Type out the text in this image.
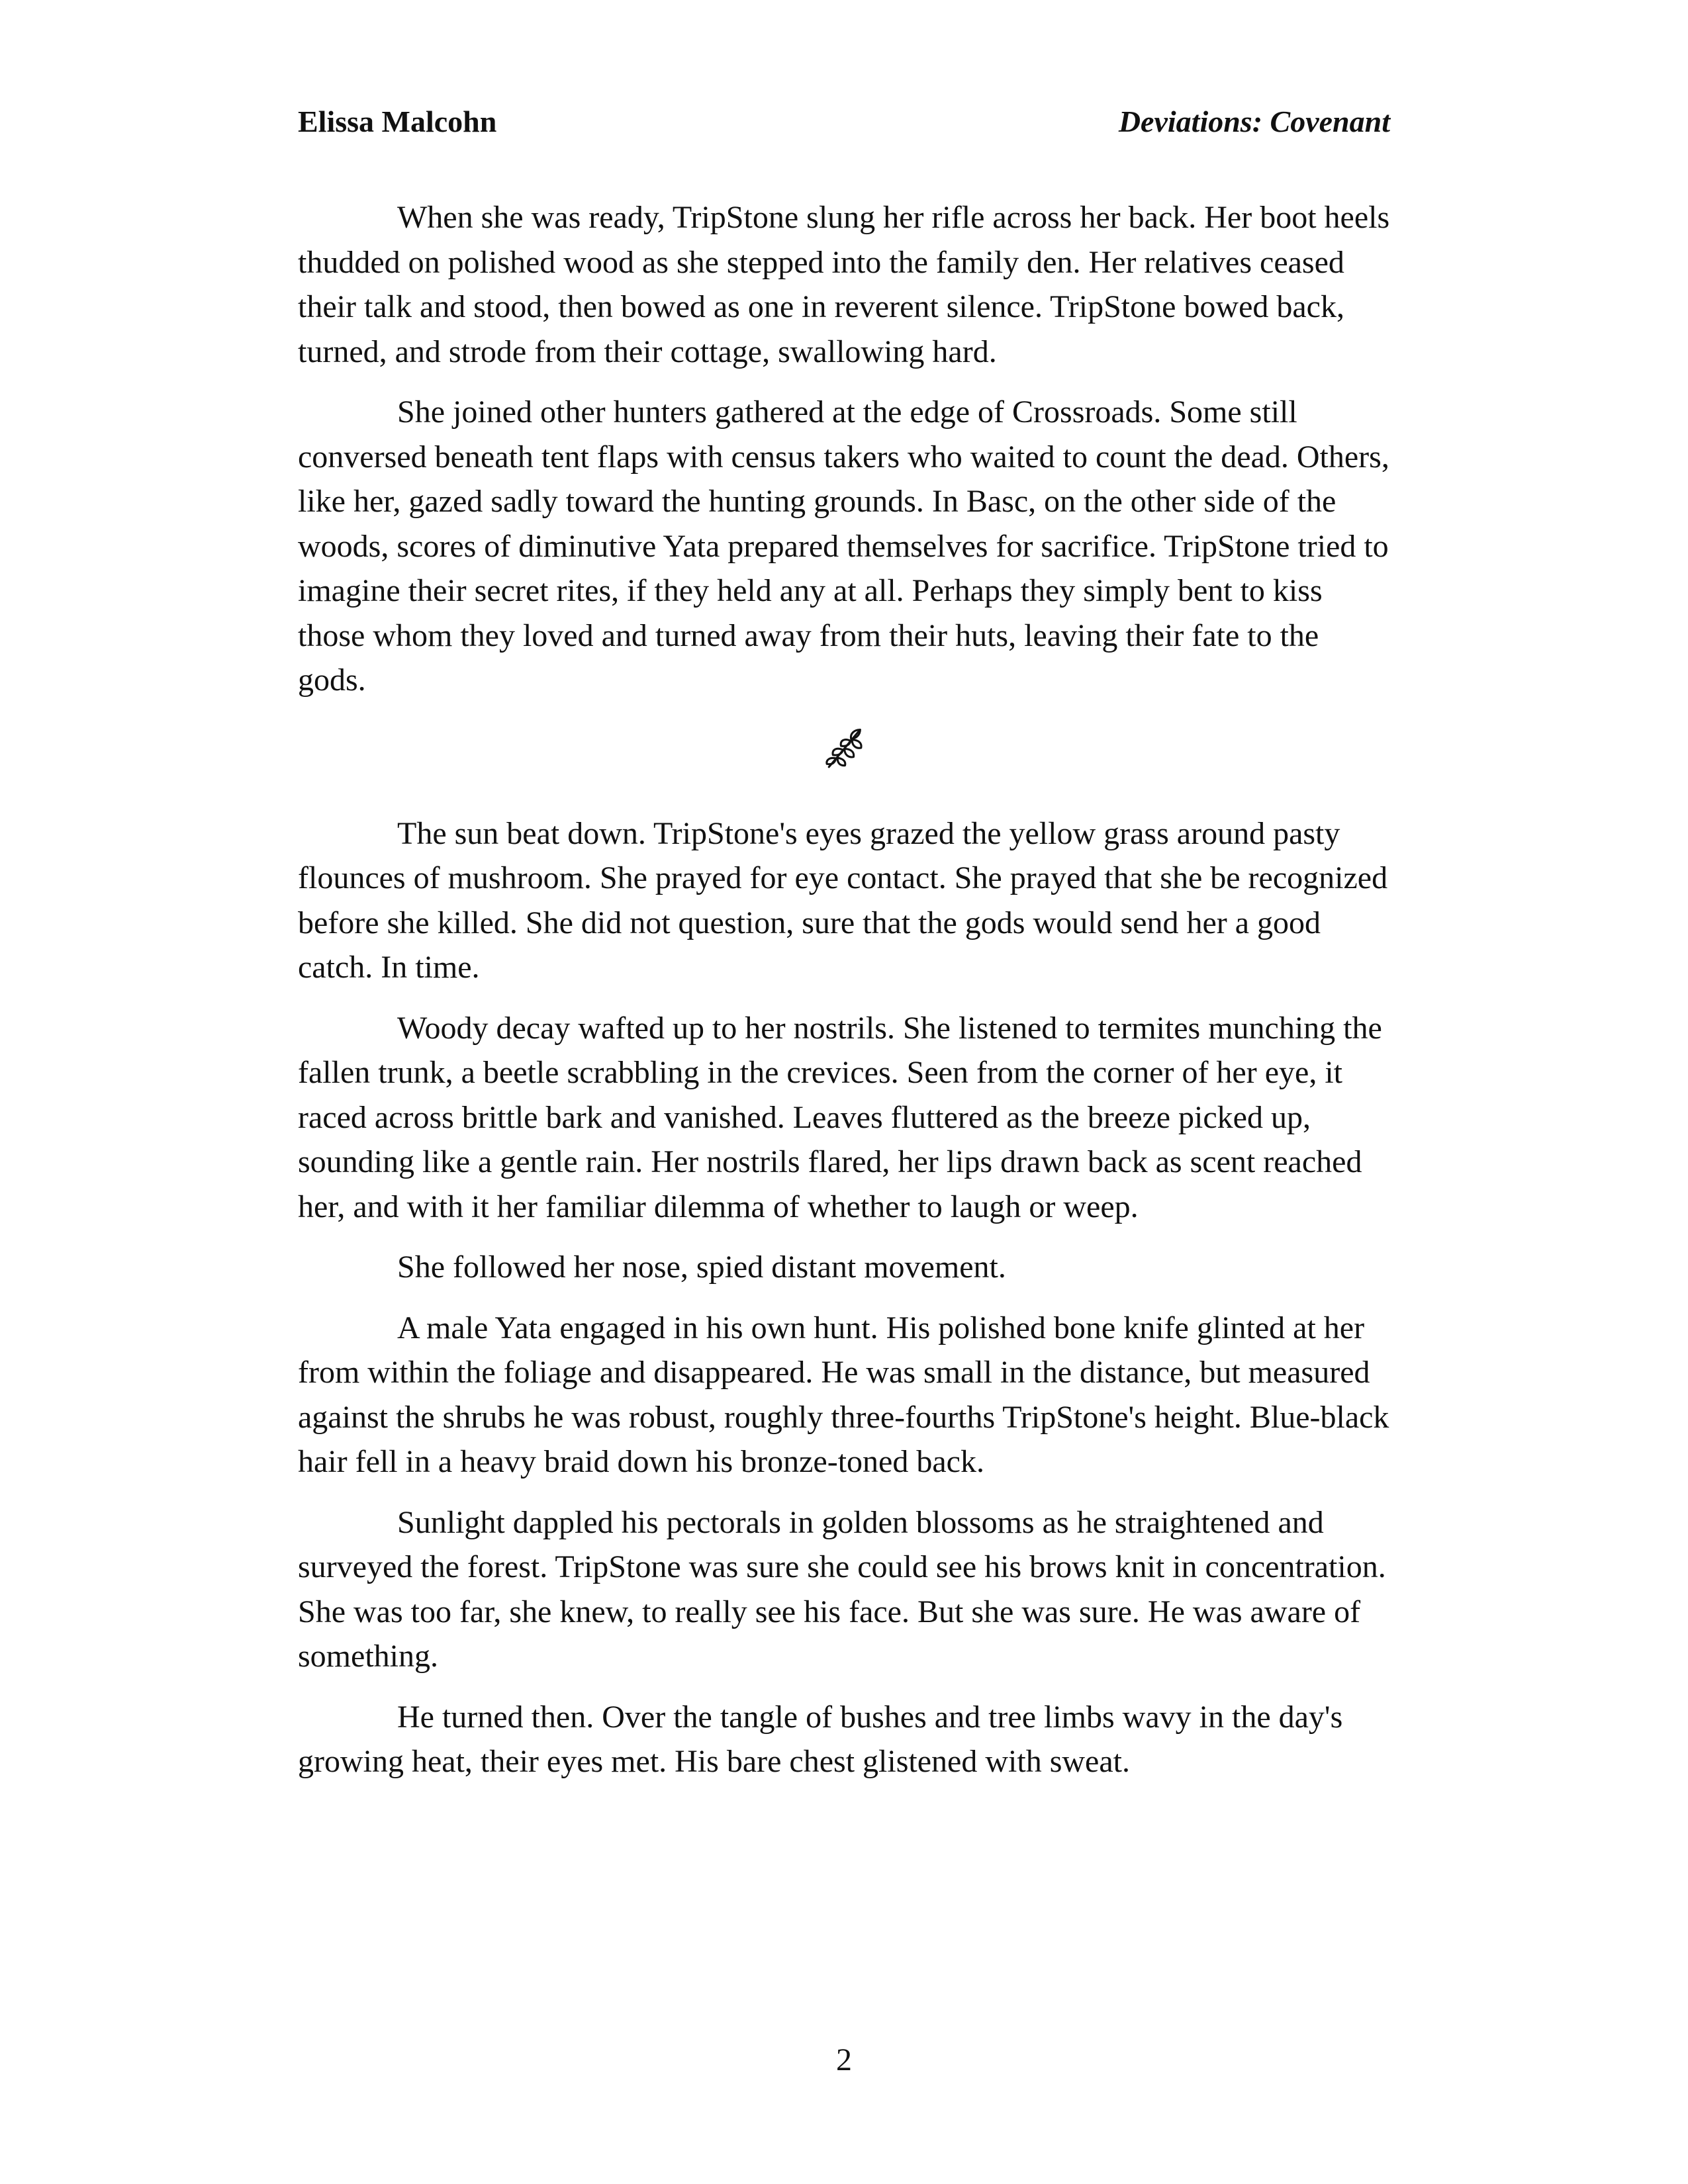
Elissa Malcohn	Deviations: Covenant

When she was ready, TripStone slung her rifle across her back. Her boot heels thudded on polished wood as she stepped into the family den. Her relatives ceased their talk and stood, then bowed as one in reverent silence. TripStone bowed back, turned, and strode from their cottage, swallowing hard.

She joined other hunters gathered at the edge of Crossroads. Some still conversed beneath tent flaps with census takers who waited to count the dead. Others, like her, gazed sadly toward the hunting grounds. In Basc, on the other side of the woods, scores of diminutive Yata prepared themselves for sacrifice. TripStone tried to imagine their secret rites, if they held any at all. Perhaps they simply bent to kiss those whom they loved and turned away from their huts, leaving their fate to the gods.

The sun beat down. TripStone's eyes grazed the yellow grass around pasty flounces of mushroom. She prayed for eye contact. She prayed that she be recognized before she killed. She did not question, sure that the gods would send her a good catch. In time.

Woody decay wafted up to her nostrils. She listened to termites munching the fallen trunk, a beetle scrabbling in the crevices. Seen from the corner of her eye, it raced across brittle bark and vanished. Leaves fluttered as the breeze picked up, sounding like a gentle rain. Her nostrils flared, her lips drawn back as scent reached her, and with it her familiar dilemma of whether to laugh or weep.

She followed her nose, spied distant movement.

A male Yata engaged in his own hunt. His polished bone knife glinted at her from within the foliage and disappeared. He was small in the distance, but measured against the shrubs he was robust, roughly three-fourths TripStone's height. Blue-black hair fell in a heavy braid down his bronze-toned back.

Sunlight dappled his pectorals in golden blossoms as he straightened and surveyed the forest. TripStone was sure she could see his brows knit in concentration. She was too far, she knew, to really see his face. But she was sure. He was aware of something.

He turned then. Over the tangle of bushes and tree limbs wavy in the day's growing heat, their eyes met. His bare chest glistened with sweat.

2
